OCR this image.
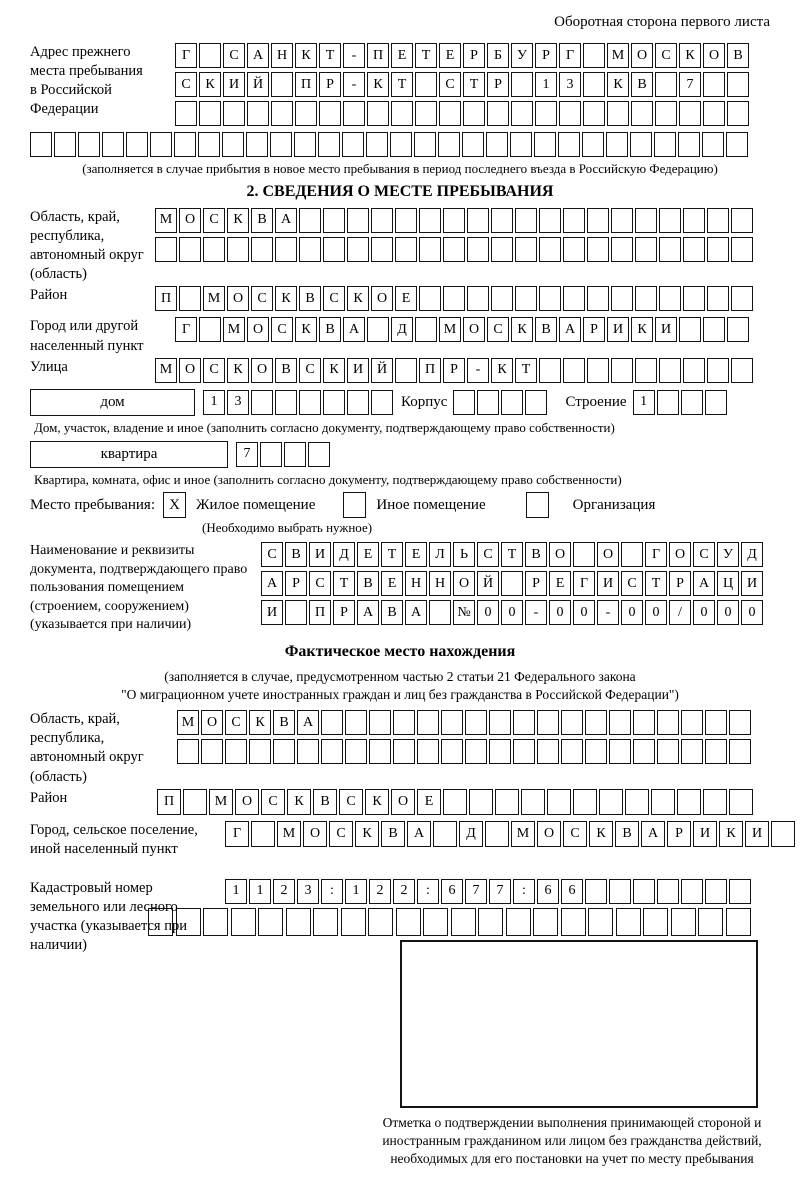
Оборотная сторона первого листа
Адрес прежнего места пребывания в Российской Федерации
Г	С	А Н	К	Т	-	П	Е	Т	Е	Р	Б	У	Р	Г	М О	С	К	О	В
С	К	И Й	П	Р	-	К	Т	С	Т	Р	1	3	К	В	7
(заполняется в случае прибытия в новое место пребывания в период последнего въезда в Российскую Федерацию)
2. СВЕДЕНИЯ О МЕСТЕ ПРЕБЫВАНИЯ
Область, край, республика, автономный округ (область)
М О	С	К	В	А
Район	П	М О	С	К	В	С	К	О	Е
Город или другой населенный пункт
Г	М О	С	К	В	А	Д	М О	С	К	В	А	Р	И	К	И
Улица	М О	С	К	О	В	С	К	И Й	П	Р	-	К	Т
дом	1	3	Корпус	Строение 1
Дом, участок, владение и иное (заполнить согласно документу, подтверждающему право собственности)
квартира	7
Квартира, комната, офис и иное (заполнить согласно документу, подтверждающему право собственности)
Место пребывания: X	Жилое помещение	Иное помещение	Организация
(Необходимо выбрать нужное)
Наименование и реквизиты документа, подтверждающего право пользования помещением (строением, сооружением) (указывается при наличии)
С	В	И	Д	Е	Т	Е	Л	Ь	С	Т	В	О	О	Г	О	С	У	Д
А	Р	С	Т	В	Е	Н Н О Й	Р	Е	Г	И	С	Т	Р	А Ц И
И	П	Р	А	В	А	№ 0	0	-	0	0	-	0	0	/	0	0	0
Фактическое место нахождения
(заполняется в случае, предусмотренном частью 2 статьи 21 Федерального закона
"О миграционном учете иностранных граждан и лиц без гражданства в Российской Федерации")
Область, край, республика, автономный округ (область)
М О	С	К	В	А
Район	П	М	О	С	К	В	С	К	О	Е
Город, сельское поселение, иной населенный пункт
Г	М	О	С	К	В	А	Д	М	О	С	К	В	А	Р	И	К	И
Кадастровый номер земельного или лесного участка (указывается при наличии)
1	1	2	3	:	1	2	2	:	6	7	7	:	6	6
Отметка о подтверждении выполнения принимающей стороной и иностранным гражданином или лицом без гражданства действий, необходимых для его постановки на учет по месту пребывания
